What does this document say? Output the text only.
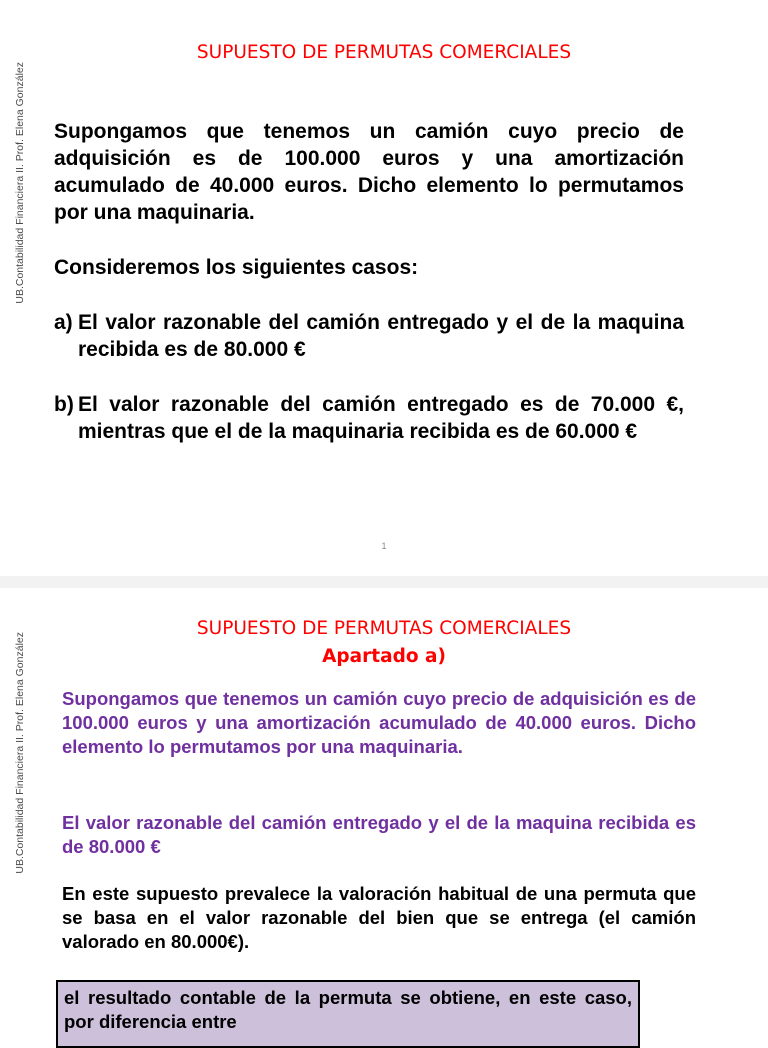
UB.Contabilidad Financiera II. Prof. Elena González
SUPUESTO DE PERMUTAS COMERCIALES

Supongamos que tenemos un camión cuyo precio de adquisición es de 100.000 euros y una amortización acumulado de 40.000 euros. Dicho elemento lo permutamos por una maquinaria.

Consideremos los siguientes casos:

a) El valor razonable del camión entregado y el de la maquina recibida es de 80.000 €
b) El valor razonable del camión entregado es de 70.000 €, mientras que el de la maquinaria recibida es de 60.000 €
1
UB.Contabilidad Financiera II. Prof. Elena González
SUPUESTO DE PERMUTAS COMERCIALES
Apartado a)

Supongamos que tenemos un camión cuyo precio de adquisición es de 100.000 euros y una amortización acumulado de 40.000 euros. Dicho elemento lo permutamos por una maquinaria.

El valor razonable del camión entregado y el de la maquina recibida es de 80.000 €

En este supuesto prevalece la valoración habitual de una permuta que se basa en el valor razonable del bien que se entrega (el camión valorado en 80.000€).

el resultado contable de la permuta se obtiene, en este caso, por diferencia entre
